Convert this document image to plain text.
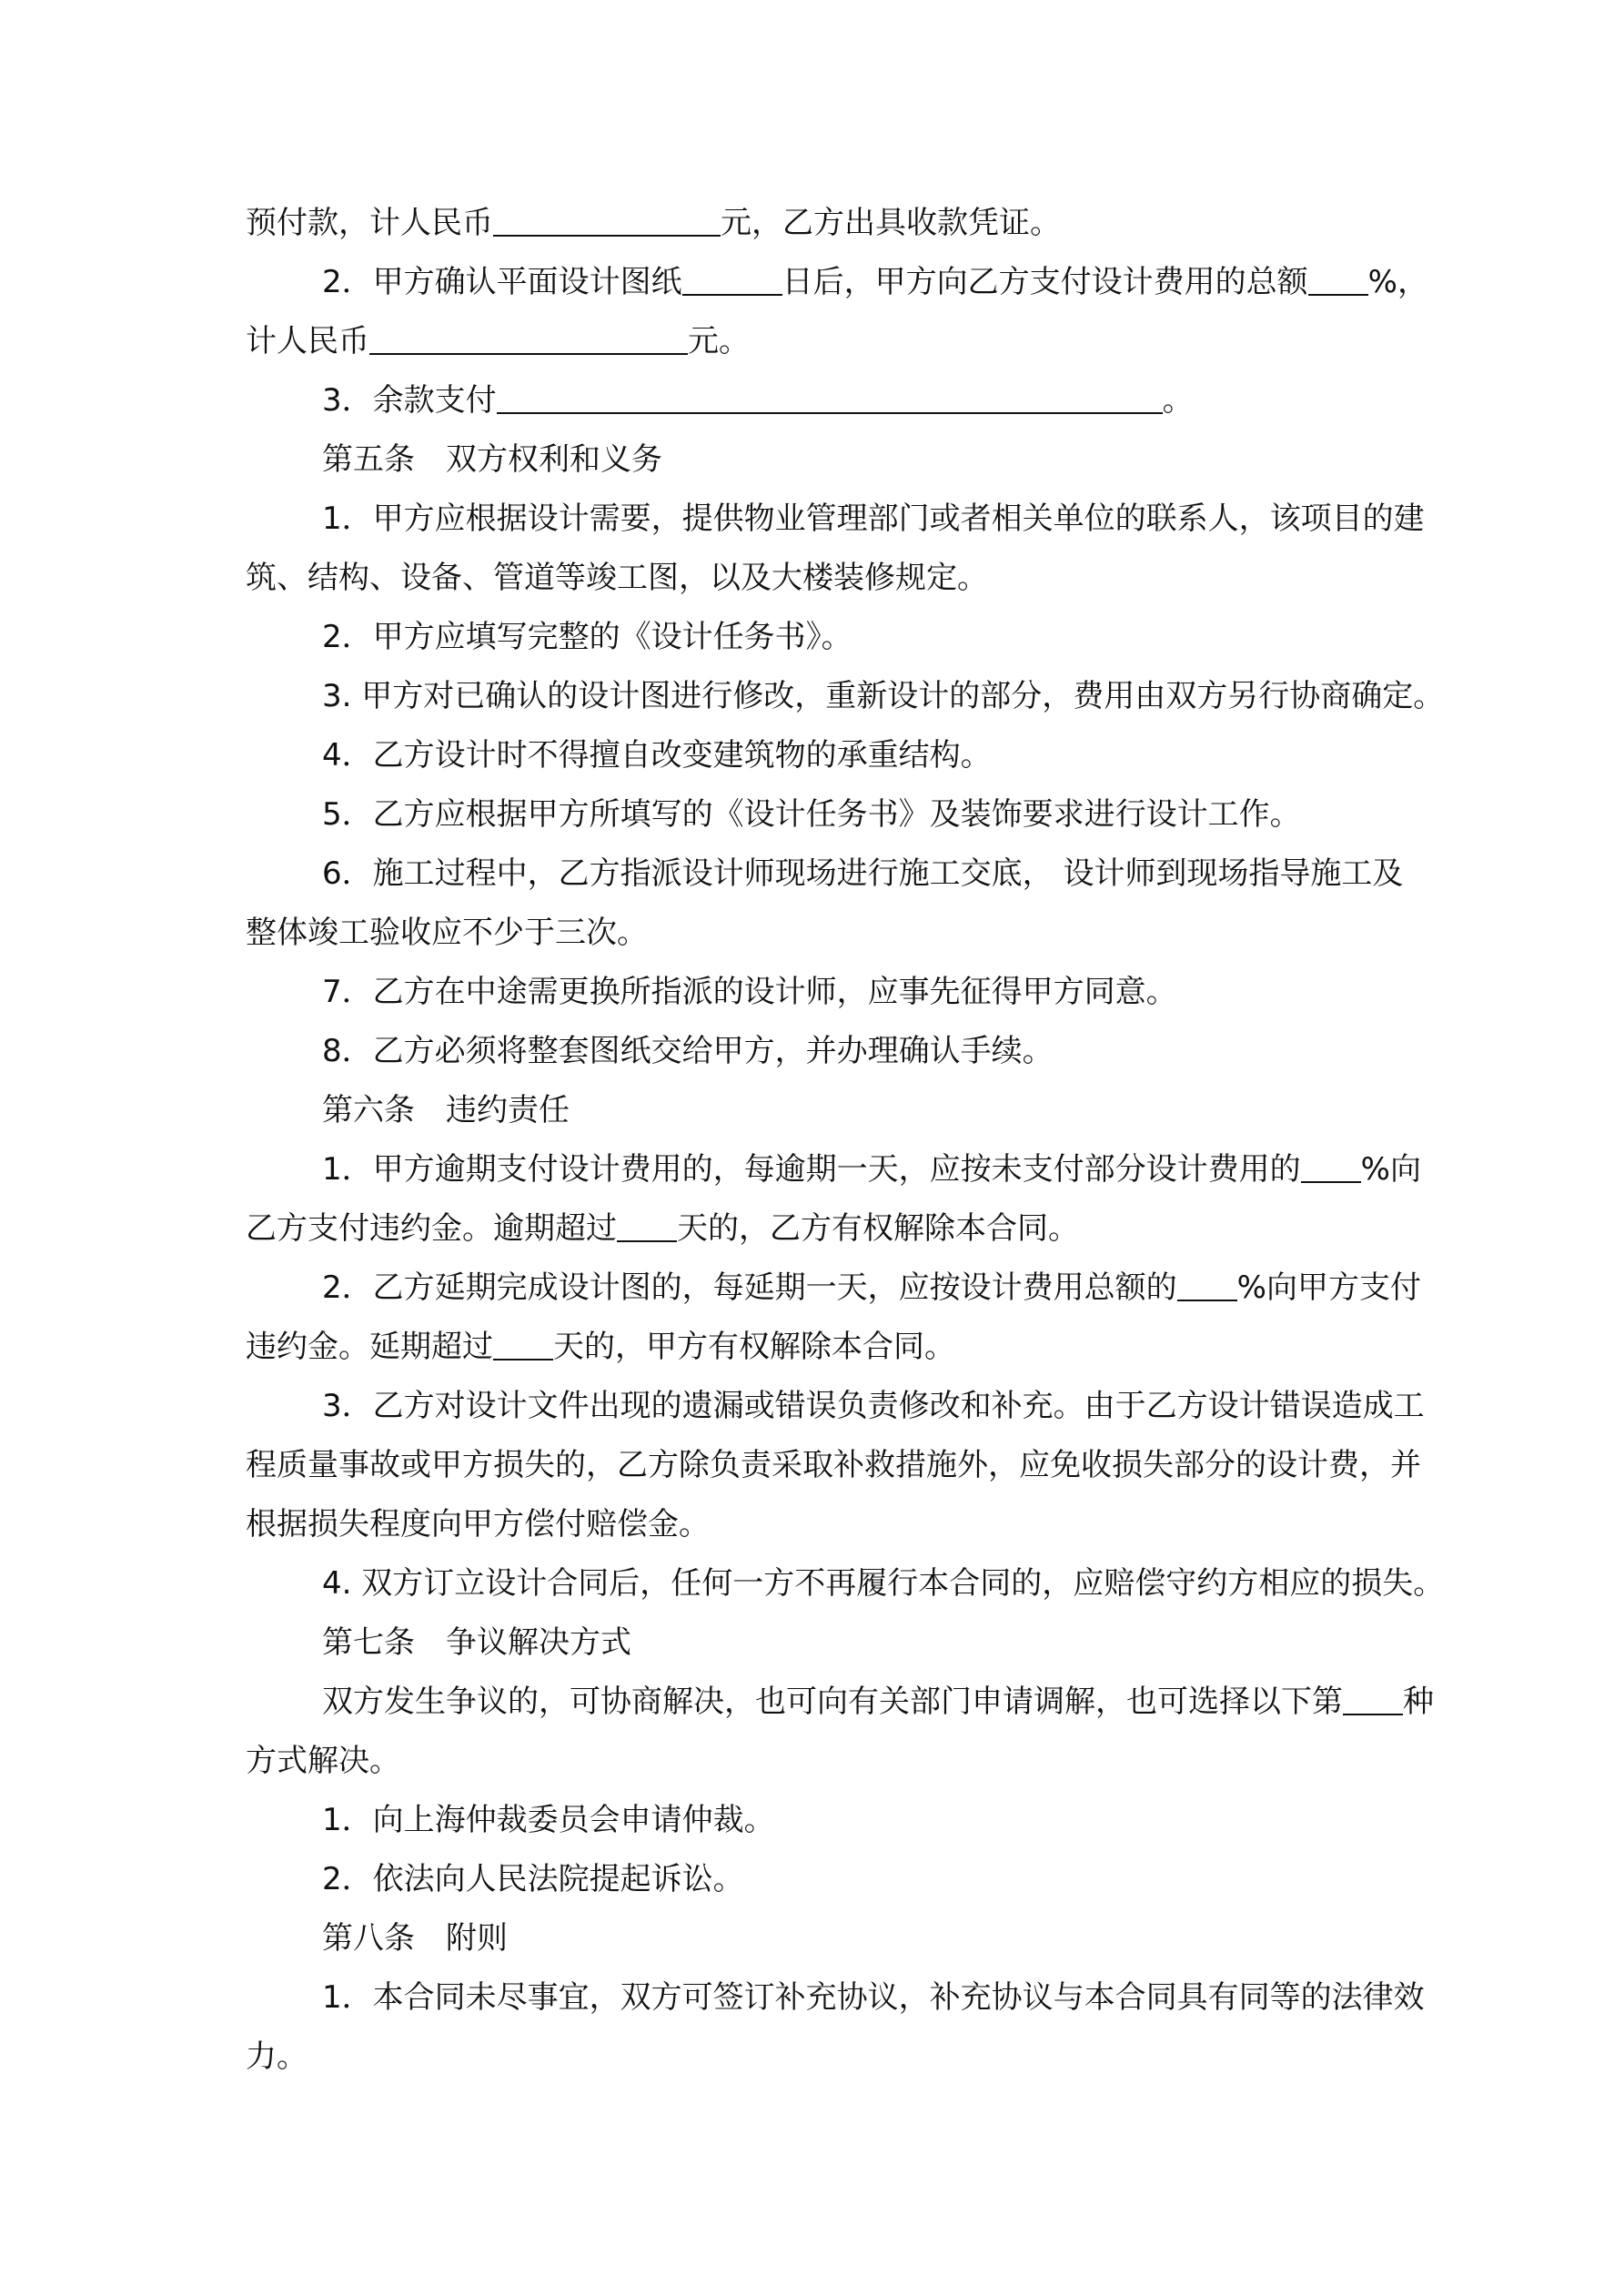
预付款，计人民币	元，乙方出具收款凭证。
2．甲方确认平面设计图纸	日后，甲方向乙方支付设计费用的总额 %，
计人民币	元。
3．余款支付	。
第五条 双方权利和义务
1．甲方应根据设计需要，提供物业管理部门或者相关单位的联系人，该项目的建
筑、结构、设备、管道等竣工图，以及大楼装修规定。
2．甲方应填写完整的《设计任务书》。
3. 甲方对已确认的设计图进行修改，重新设计的部分，费用由双方另行协商确定。
4．乙方设计时不得擅自改变建筑物的承重结构。
5．乙方应根据甲方所填写的《设计任务书》及装饰要求进行设计工作。
6．施工过程中，乙方指派设计师现场进行施工交底， 设计师到现场指导施工及
整体竣工验收应不少于三次。
7．乙方在中途需更换所指派的设计师，应事先征得甲方同意。
8．乙方必须将整套图纸交给甲方，并办理确认手续。
第六条 违约责任
1．甲方逾期支付设计费用的，每逾期一天，应按未支付部分设计费用的 %向
乙方支付违约金。逾期超过 天的，乙方有权解除本合同。
2．乙方延期完成设计图的，每延期一天，应按设计费用总额的 %向甲方支付
违约金。延期超过 天的，甲方有权解除本合同。
3．乙方对设计文件出现的遗漏或错误负责修改和补充。由于乙方设计错误造成工
程质量事故或甲方损失的，乙方除负责采取补救措施外，应免收损失部分的设计费，并
根据损失程度向甲方偿付赔偿金。
4. 双方订立设计合同后，任何一方不再履行本合同的，应赔偿守约方相应的损失。
第七条 争议解决方式
双方发生争议的，可协商解决，也可向有关部门申请调解，也可选择以下第 种
方式解决。
1．向上海仲裁委员会申请仲裁。
2．依法向人民法院提起诉讼。
第八条 附则
1．本合同未尽事宜，双方可签订补充协议，补充协议与本合同具有同等的法律效
力。
